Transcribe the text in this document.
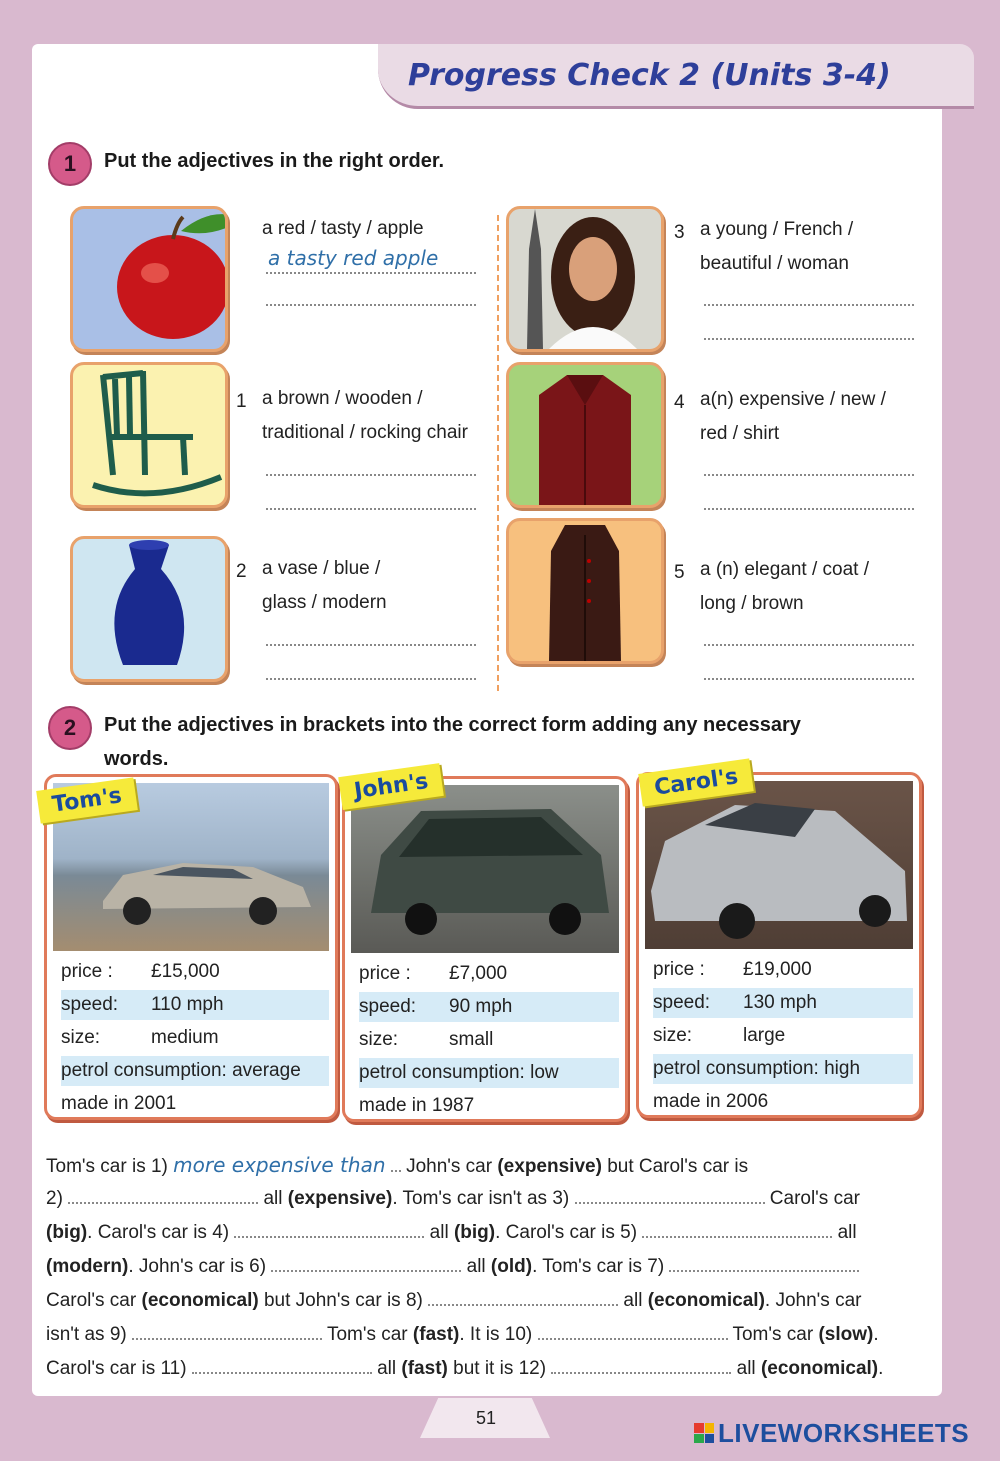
Progress Check 2 (Units 3-4)
1	Put the adjectives in the right order.
a red / tasty / apple
a tasty red apple
1 a brown / wooden /
traditional / rocking chair
2 a vase / blue /
glass / modern
3 a young / French /
beautiful / woman
4 a(n) expensive / new /
red / shirt
5 a (n) elegant / coat /
long / brown
2	Put the adjectives in brackets into the correct form adding any necessary
words.
price : £15,000
speed: 110 mph
size:	medium
petrol consumption: average
made in 2001
Tom's
price : £7,000
speed: 90 mph
size:	small
petrol consumption: low
made in 1987
John's
price : £19,000
speed: 130 mph
size:	large
petrol consumption: high
made in 2006
Carol's
Tom's car is 1) more expensive than John's car (expensive) but Carol's car is
2)	all (expensive). Tom's car isn't as 3)	Carol's car
(big). Carol's car is 4)	all (big). Carol's car is 5)	all
(modern). John's car is 6)	all (old). Tom's car is 7)
Carol's car (economical) but John's car is 8)	all (economical). John's car
isn't as 9)	Tom's car (fast). It is 10)	Tom's car (slow).
Carol's car is 11)	all (fast) but it is 12)	all (economical).
51	LIVEWORKSHEETS
